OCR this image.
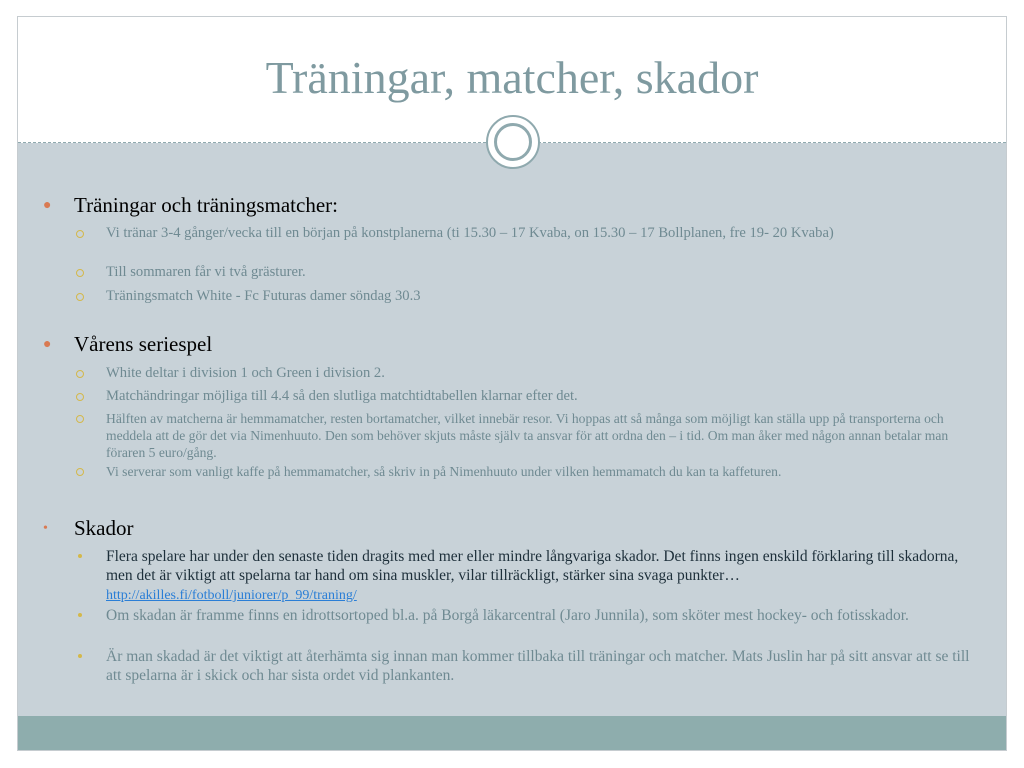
Träningar, matcher, skador
● Träningar och träningsmatcher:
Vi tränar 3-4 gånger/vecka till en början på konstplanerna (ti 15.30 – 17 Kvaba, on 15.30 – 17 Bollplanen, fre 19- 20 Kvaba)
Till sommaren får vi två grästurer.
Träningsmatch White - Fc Futuras damer söndag 30.3
● Vårens seriespel
White deltar i division 1 och Green i division 2.
Matchändringar möjliga till 4.4 så den slutliga matchtidtabellen klarnar efter det.
Hälften av matcherna är hemmamatcher, resten bortamatcher, vilket innebär resor. Vi hoppas att så många som möjligt kan ställa upp på transporterna och meddela att de gör det via Nimenhuuto. Den som behöver skjuts måste själv ta ansvar för att ordna den – i tid. Om man åker med någon annan betalar man föraren 5 euro/gång.
Vi serverar som vanligt kaffe på hemmamatcher, så skriv in på Nimenhuuto under vilken hemmamatch du kan ta kaffeturen.
• Skador
Flera spelare har under den senaste tiden dragits med mer eller mindre långvariga skador. Det finns ingen enskild förklaring till skadorna, men det är viktigt att spelarna tar hand om sina muskler, vilar tillräckligt, stärker sina svaga punkter… http://akilles.fi/fotboll/juniorer/p_99/traning/
Om skadan är framme finns en idrottsortoped bl.a. på Borgå läkarcentral (Jaro Junnila), som sköter mest hockey- och fotisskador.
Är man skadad är det viktigt att återhämta sig innan man kommer tillbaka till träningar och matcher. Mats Juslin har på sitt ansvar att se till att spelarna är i skick och har sista ordet vid plankanten.
